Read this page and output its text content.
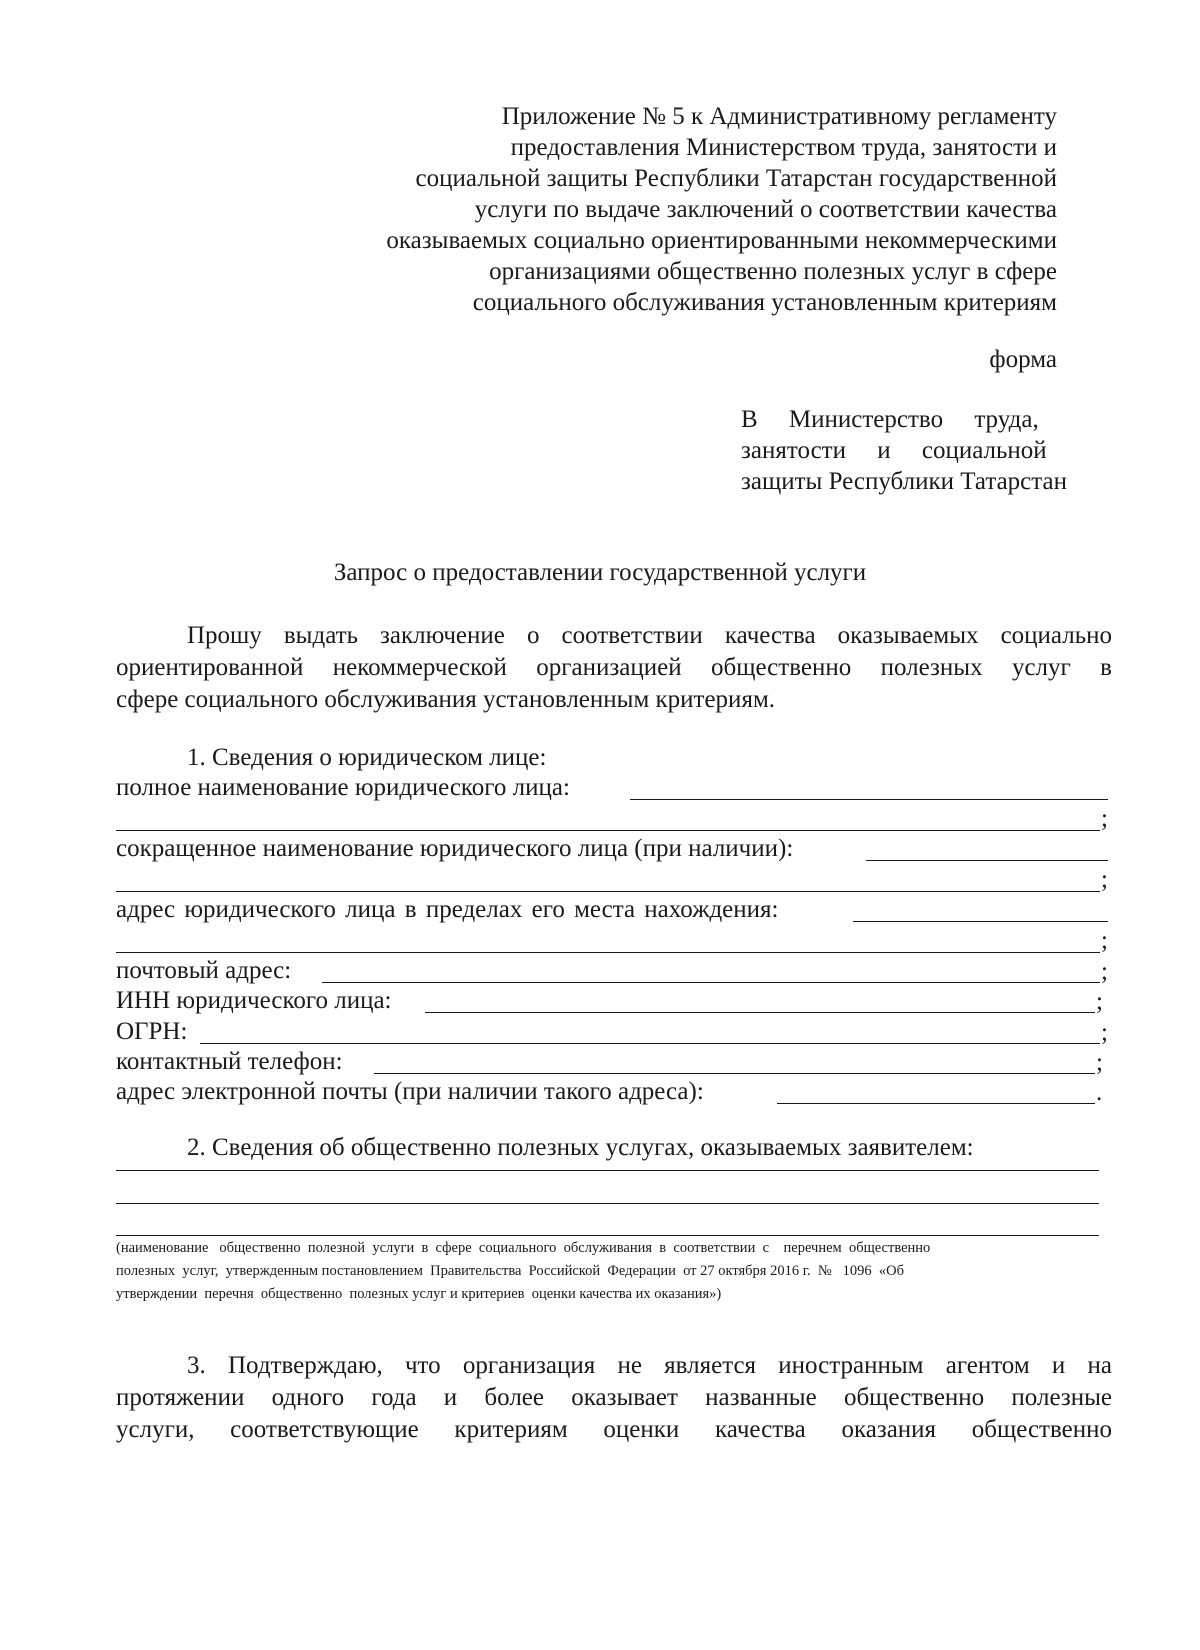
Приложение № 5 к Административному регламенту
предоставления Министерством труда, занятости и
социальной защиты Республики Татарстан государственной
услуги по выдаче заключений о соответствии качества
оказываемых социально ориентированными некоммерческими
организациями общественно полезных услуг в сфере
социального обслуживания установленным критериям
форма
В     Министерство     труда,
занятости     и     социальной
защиты Республики Татарстан
Запрос о предоставлении государственной услуги
Прошу выдать заключение о соответствии качества оказываемых социально
ориентированной некоммерческой организацией общественно полезных услуг в
сфере социального обслуживания установленным критериям.
1. Сведения о юридическом лице:
полное наименование юридического лица:
;
сокращенное наименование юридического лица (при наличии):
;
адрес юридического лица в пределах его места нахождения:
;
почтовый адрес:	;
ИНН юридического лица:	;
ОГРН:	;
контактный телефон:	;
адрес электронной почты (при наличии такого адреса):	.
2. Сведения об общественно полезных услугах, оказываемых заявителем:
(наименование   общественно  полезной  услуги  в  сфере  социального  обслуживания  в  соответствии  с    перечнем  общественно
полезных  услуг,  утвержденным постановлением  Правительства  Российской  Федерации  от 27 октября 2016 г.  №   1096  «Об
утверждении  перечня  общественно  полезных услуг и критериев  оценки качества их оказания»)
3. Подтверждаю, что организация не является иностранным агентом и на
протяжении одного года и более оказывает названные общественно полезные
услуги, соответствующие критериям оценки качества оказания общественно
